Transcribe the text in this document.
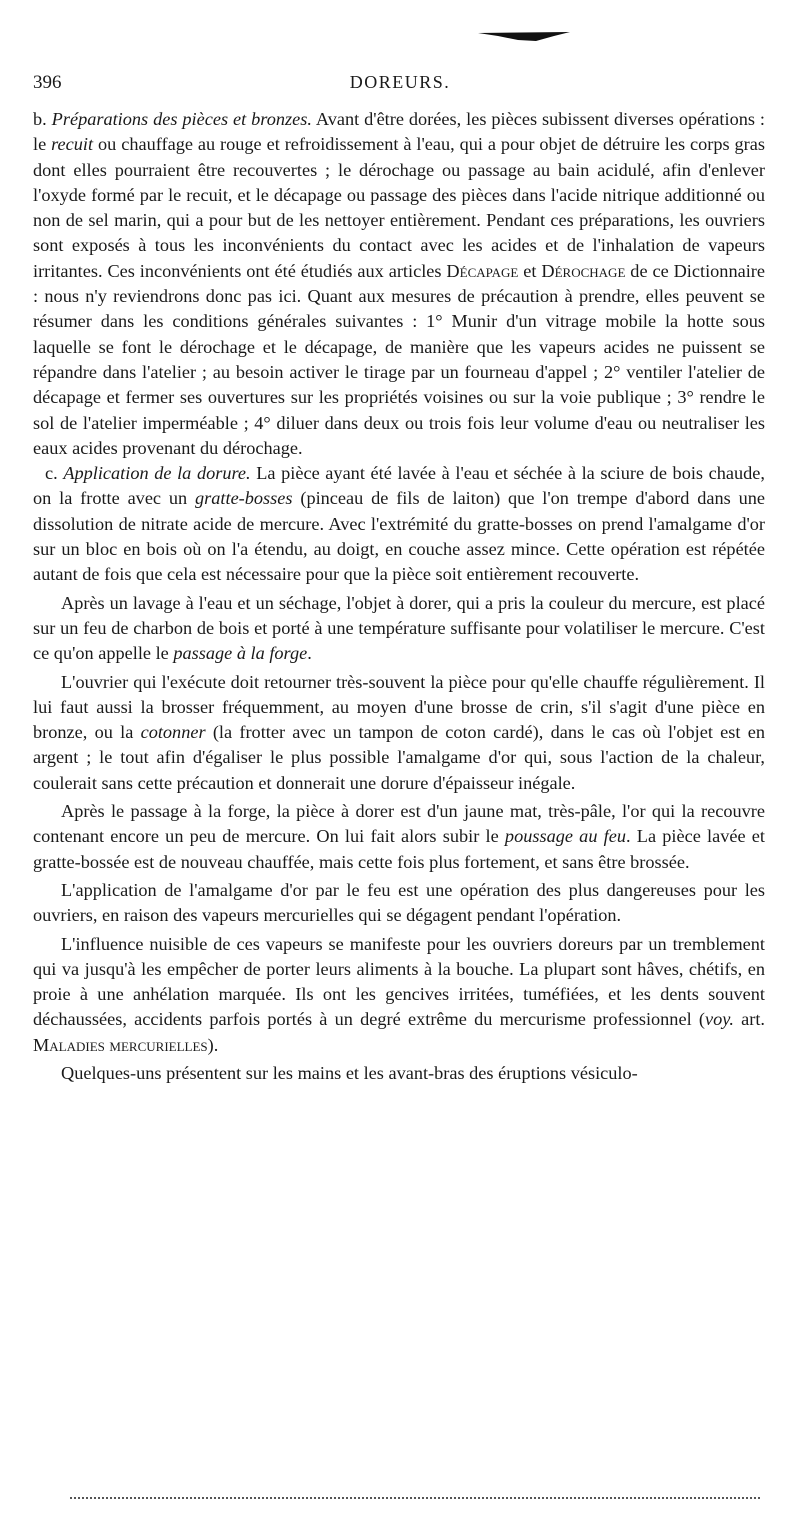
396	DOREURS.

b. Préparations des pièces et bronzes. Avant d'être dorées, les pièces subissent diverses opérations : le recuit ou chauffage au rouge et refroidissement à l'eau, qui a pour objet de détruire les corps gras dont elles pourraient être recouvertes ; le dérochage ou passage au bain acidulé, afin d'enlever l'oxyde formé par le recuit, et le décapage ou passage des pièces dans l'acide nitrique additionné ou non de sel marin, qui a pour but de les nettoyer entièrement. Pendant ces préparations, les ouvriers sont exposés à tous les inconvénients du contact avec les acides et de l'inhalation de vapeurs irritantes. Ces inconvénients ont été étudiés aux articles Décapage et Dérochage de ce Dictionnaire : nous n'y reviendrons donc pas ici. Quant aux mesures de précaution à prendre, elles peuvent se résumer dans les conditions générales suivantes : 1° Munir d'un vitrage mobile la hotte sous laquelle se font le dérochage et le décapage, de manière que les vapeurs acides ne puissent se répandre dans l'atelier ; au besoin activer le tirage par un fourneau d'appel ; 2° ventiler l'atelier de décapage et fermer ses ouvertures sur les propriétés voisines ou sur la voie publique ; 3° rendre le sol de l'atelier imperméable ; 4° diluer dans deux ou trois fois leur volume d'eau ou neutraliser les eaux acides provenant du dérochage.

c. Application de la dorure. La pièce ayant été lavée à l'eau et séchée à la sciure de bois chaude, on la frotte avec un gratte-bosses (pinceau de fils de laiton) que l'on trempe d'abord dans une dissolution de nitrate acide de mercure. Avec l'extrémité du gratte-bosses on prend l'amalgame d'or sur un bloc en bois où on l'a étendu, au doigt, en couche assez mince. Cette opération est répétée autant de fois que cela est nécessaire pour que la pièce soit entièrement recouverte.

Après un lavage à l'eau et un séchage, l'objet à dorer, qui a pris la couleur du mercure, est placé sur un feu de charbon de bois et porté à une température suffisante pour volatiliser le mercure. C'est ce qu'on appelle le passage à la forge.

L'ouvrier qui l'exécute doit retourner très-souvent la pièce pour qu'elle chauffe régulièrement. Il lui faut aussi la brosser fréquemment, au moyen d'une brosse de crin, s'il s'agit d'une pièce en bronze, ou la cotonner (la frotter avec un tampon de coton cardé), dans le cas où l'objet est en argent ; le tout afin d'égaliser le plus possible l'amalgame d'or qui, sous l'action de la chaleur, coulerait sans cette précaution et donnerait une dorure d'épaisseur inégale.

Après le passage à la forge, la pièce à dorer est d'un jaune mat, très-pâle, l'or qui la recouvre contenant encore un peu de mercure. On lui fait alors subir le poussage au feu. La pièce lavée et gratte-bossée est de nouveau chauffée, mais cette fois plus fortement, et sans être brossée.

L'application de l'amalgame d'or par le feu est une opération des plus dangereuses pour les ouvriers, en raison des vapeurs mercurielles qui se dégagent pendant l'opération.

L'influence nuisible de ces vapeurs se manifeste pour les ouvriers doreurs par un tremblement qui va jusqu'à les empêcher de porter leurs aliments à la bouche. La plupart sont hâves, chétifs, en proie à une anhélation marquée. Ils ont les gencives irritées, tuméfiées, et les dents souvent déchaussées, accidents parfois portés à un degré extrême du mercurisme professionnel (voy. art. Maladies mercurielles).

Quelques-uns présentent sur les mains et les avant-bras des éruptions vésiculo-
